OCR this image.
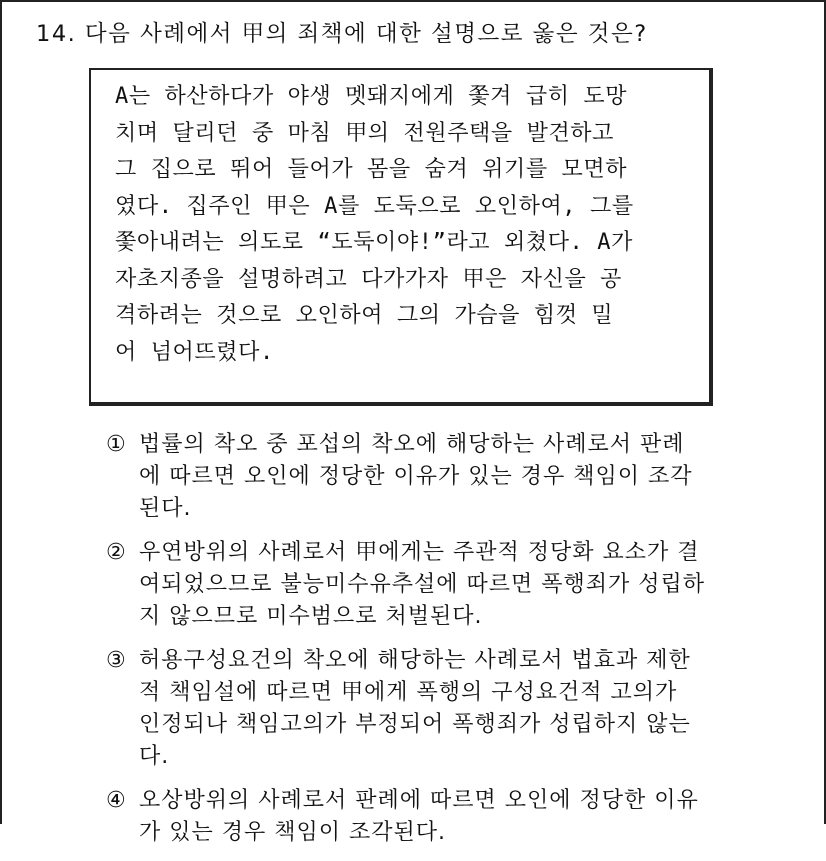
14. 다음 사례에서 甲의 죄책에 대한 설명으로 옳은 것은?
A는 하산하다가 야생 멧돼지에게 쫓겨 급히 도망
치며 달리던 중 마침 甲의 전원주택을 발견하고
그 집으로 뛰어 들어가 몸을 숨겨 위기를 모면하
였다. 집주인 甲은 A를 도둑으로 오인하여, 그를
쫓아내려는 의도로 “도둑이야!”라고 외쳤다. A가
자초지종을 설명하려고 다가가자 甲은 자신을 공
격하려는 것으로 오인하여 그의 가슴을 힘껏 밀
어 넘어뜨렸다.
① 법률의 착오 중 포섭의 착오에 해당하는 사례로서 판례
에 따르면 오인에 정당한 이유가 있는 경우 책임이 조각
된다.
② 우연방위의 사례로서 甲에게는 주관적 정당화 요소가 결
여되었으므로 불능미수유추설에 따르면 폭행죄가 성립하
지 않으므로 미수범으로 처벌된다.
③ 허용구성요건의 착오에 해당하는 사례로서 법효과 제한
적 책임설에 따르면 甲에게 폭행의 구성요건적 고의가
인정되나 책임고의가 부정되어 폭행죄가 성립하지 않는
다.
④ 오상방위의 사례로서 판례에 따르면 오인에 정당한 이유
가 있는 경우 책임이 조각된다.
